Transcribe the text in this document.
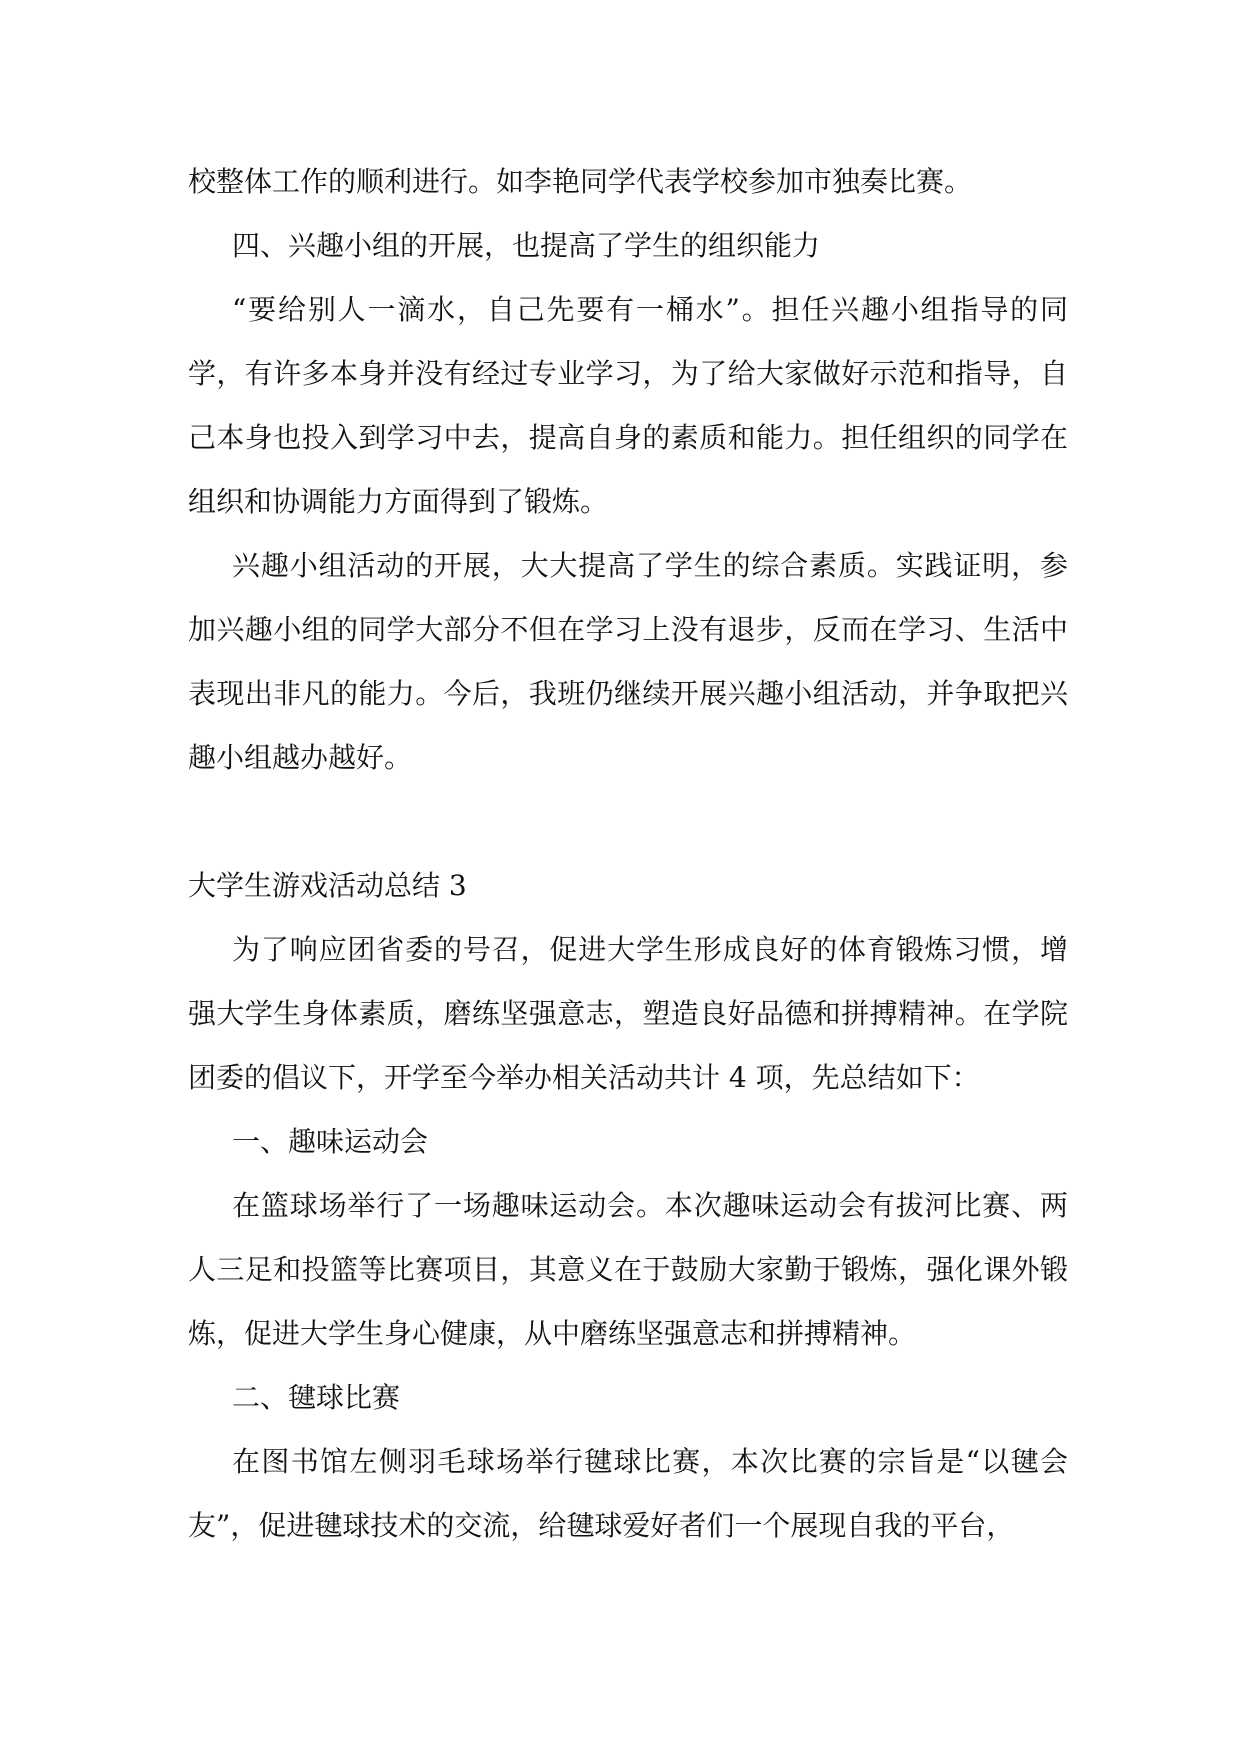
校整体工作的顺利进行。如李艳同学代表学校参加市独奏比赛。

四、兴趣小组的开展，也提高了学生的组织能力

“要给别人一滴水，自己先要有一桶水”。担任兴趣小组指导的同学，有许多本身并没有经过专业学习，为了给大家做好示范和指导，自己本身也投入到学习中去，提高自身的素质和能力。担任组织的同学在组织和协调能力方面得到了锻炼。

兴趣小组活动的开展，大大提高了学生的综合素质。实践证明，参加兴趣小组的同学大部分不但在学习上没有退步，反而在学习、生活中表现出非凡的能力。今后，我班仍继续开展兴趣小组活动，并争取把兴趣小组越办越好。

大学生游戏活动总结 3

为了响应团省委的号召，促进大学生形成良好的体育锻炼习惯，增强大学生身体素质，磨练坚强意志，塑造良好品德和拼搏精神。在学院团委的倡议下，开学至今举办相关活动共计 4 项，先总结如下：

一、趣味运动会

在篮球场举行了一场趣味运动会。本次趣味运动会有拔河比赛、两人三足和投篮等比赛项目，其意义在于鼓励大家勤于锻炼，强化课外锻炼，促进大学生身心健康，从中磨练坚强意志和拼搏精神。

二、毽球比赛

在图书馆左侧羽毛球场举行毽球比赛，本次比赛的宗旨是“以毽会友”，促进毽球技术的交流，给毽球爱好者们一个展现自我的平台，
